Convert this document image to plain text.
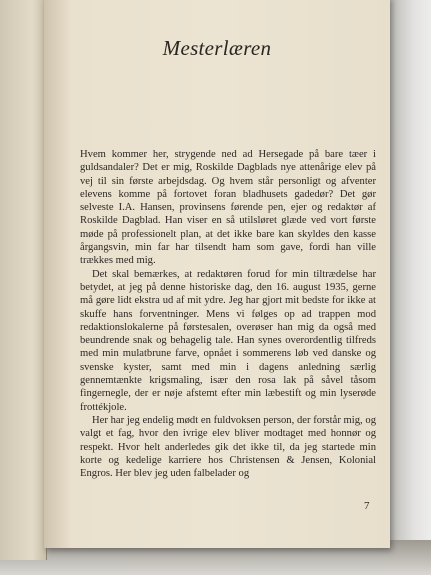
Mesterlæren

Hvem kommer her, strygende ned ad Hersegade på bare tæer i guldsandaler? Det er mig, Roskilde Dagblads nye attenårige elev på vej til sin første arbejdsdag. Og hvem står personligt og afventer elevens komme på fortovet foran bladhusets gadedør? Det gør selveste I.A. Hansen, provinsens førende pen, ejer og redaktør af Roskilde Dagblad. Han viser en så utilsløret glæde ved vort første møde på professionelt plan, at det ikke bare kan skyldes den kasse årgangsvin, min far har tilsendt ham som gave, fordi han ville trækkes med mig.

Det skal bemærkes, at redaktøren forud for min tiltrædelse har betydet, at jeg på denne historiske dag, den 16. august 1935, gerne må gøre lidt ekstra ud af mit ydre. Jeg har gjort mit bedste for ikke at skuffe hans forventninger. Mens vi følges op ad trappen mod redaktionslokalerne på førstesalen, overøser han mig da også med beundrende snak og behagelig tale. Han synes overordentlig tilfreds med min mulatbrune farve, opnået i sommerens løb ved danske og svenske kyster, samt med min i dagens anledning særlig gennemtænkte krigsmaling, især den rosa lak på såvel tåsom fingernegle, der er nøje afstemt efter min læbestift og min lyserøde frottékjole.

Her har jeg endelig mødt en fuldvoksen person, der forstår mig, og valgt et fag, hvor den ivrige elev bliver modtaget med honnør og respekt. Hvor helt anderledes gik det ikke til, da jeg startede min korte og kedelige karriere hos Christensen & Jensen, Kolonial Engros. Her blev jeg uden falbelader og

7
